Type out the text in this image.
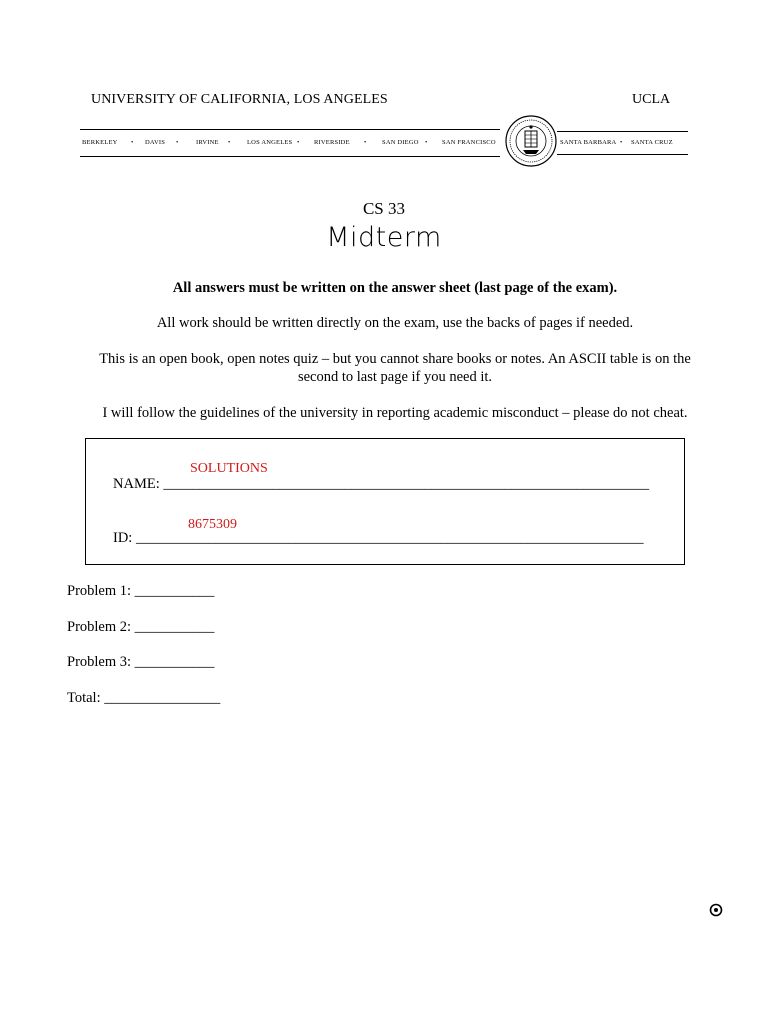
UNIVERSITY OF CALIFORNIA, LOS ANGELES	UCLA
BERKELEY • DAVIS •	IRVINE •	LOS ANGELES • RIVERSIDE • SAN DIEGO • SAN FRANCISCO	SANTA BARBARA • SANTA CRUZ
CS 33
Midterm
All answers must be written on the answer sheet (last page of the exam).
All work should be written directly on the exam, use the backs of pages if needed.
This is an open book, open notes quiz – but you cannot share books or notes. An ASCII table is on the second to last page if you need it.
I will follow the guidelines of the university in reporting academic misconduct – please do not cheat.
SOLUTIONS
NAME: ___________________________________________________________________
8675309
ID: ______________________________________________________________________
Problem 1: ___________
Problem 2: ___________
Problem 3: ___________
Total: ________________
